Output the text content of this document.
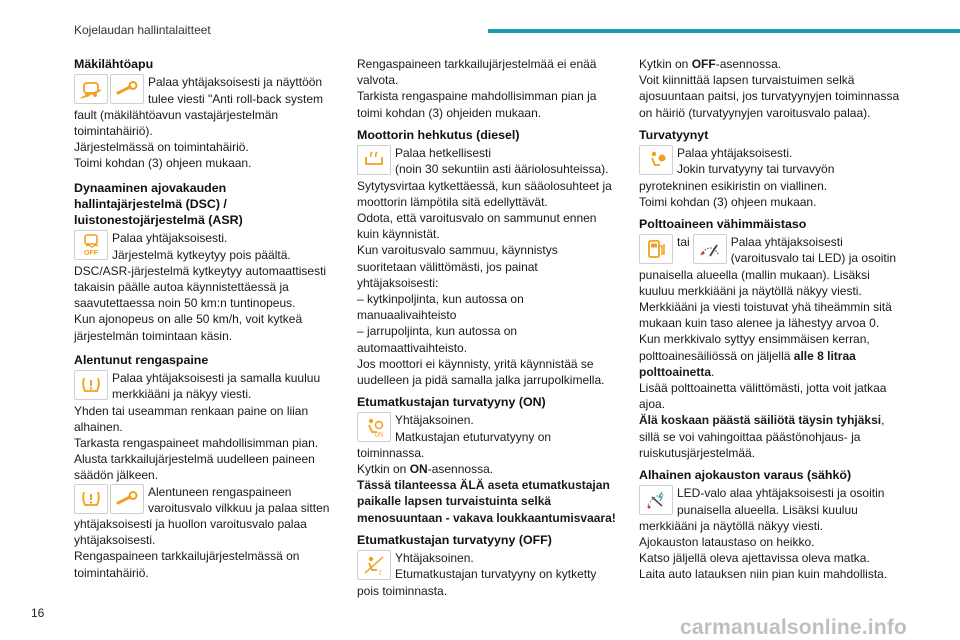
Kojelaudan hallintalaitteet
Mäkilähtöapu
Palaa yhtäjaksoisesti ja näyttöön
tulee viesti "Anti roll-back system
fault (mäkilähtöavun vastajärjestelmän
toimintahäiriö).
Järjestelmässä on toimintahäiriö.
Toimi kohdan (3) ohjeen mukaan.
Dynaaminen ajovakauden
hallintajärjestelmä (DSC) /
luistonestojärjestelmä (ASR)
OFF
Palaa yhtäjaksoisesti.
Järjestelmä kytkeytyy pois päältä.
DSC/ASR-järjestelmä kytkeytyy automaattisesti
takaisin päälle autoa käynnistettäessä ja
saavutettaessa noin 50 km:n tuntinopeus.
Kun ajonopeus on alle 50 km/h, voit kytkeä
järjestelmän toimintaan käsin.
Alentunut rengaspaine
Palaa yhtäjaksoisesti ja samalla kuuluu
merkkiääni ja näkyy viesti.
Yhden tai useamman renkaan paine on liian
alhainen.
Tarkasta rengaspaineet mahdollisimman pian.
Alusta tarkkailujärjestelmä uudelleen paineen
säädön jälkeen.
Alentuneen rengaspaineen
varoitusvalo vilkkuu ja palaa sitten
yhtäjaksoisesti ja huollon varoitusvalo palaa
yhtäjaksoisesti.
Rengaspaineen tarkkailujärjestelmässä on
toimintahäiriö.
Rengaspaineen tarkkailujärjestelmää ei enää
valvota.
Tarkista rengaspaine mahdollisimman pian ja
toimi kohdan (3) ohjeiden mukaan.
Moottorin hehkutus (diesel)
Palaa hetkellisesti
(noin 30 sekuntiin asti ääriolosuhteissa).
Sytytysvirtaa kytkettäessä, kun sääolosuhteet ja
moottorin lämpötila sitä edellyttävät.
Odota, että varoitusvalo on sammunut ennen
kuin käynnistät.
Kun varoitusvalo sammuu, käynnistys
suoritetaan välittömästi, jos painat
yhtäjaksoisesti:
– kytkinpoljinta, kun autossa on
manuaalivaihteisto
– jarrupoljinta, kun autossa on
automaattivaihteisto.
Jos moottori ei käynnisty, yritä käynnistää se
uudelleen ja pidä samalla jalka jarrupolkimella.
Etumatkustajan turvatyyny (ON)
ON
Yhtäjaksoinen.
Matkustajan etuturvatyyny on
toiminnassa.
Kytkin on ON-asennossa.
Tässä tilanteessa ÄLÄ aseta etumatkustajan
paikalle lapsen turvaistuinta selkä
menosuuntaan - vakava loukkaantumisvaara!
Etumatkustajan turvatyyny (OFF)
2
Yhtäjaksoinen.
Etumatkustajan turvatyyny on kytketty
pois toiminnasta.
Kytkin on OFF-asennossa.
Voit kiinnittää lapsen turvaistuimen selkä
ajosuuntaan paitsi, jos turvatyynyjen toiminnassa
on häiriö (turvatyynyjen varoitusvalo palaa).
Turvatyynyt
Palaa yhtäjaksoisesti.
Jokin turvatyyny tai turvavyön
pyrotekninen esikiristin on viallinen.
Toimi kohdan (3) ohjeen mukaan.
Polttoaineen vähimmäistaso
tai	Palaa yhtäjaksoisesti
(varoitusvalo tai LED) ja osoitin
punaisella alueella (mallin mukaan). Lisäksi
kuuluu merkkiääni ja näytöllä näkyy viesti.
Merkkiääni ja viesti toistuvat yhä tiheämmin sitä
mukaan kuin taso alenee ja lähestyy arvoa 0.
Kun merkkivalo syttyy ensimmäisen kerran,
polttoainesäiliössä on jäljellä alle 8 litraa
polttoainetta.
Lisää polttoainetta välittömästi, jotta voit jatkaa
ajoa.
Älä koskaan päästä säiliötä täysin tyhjäksi,
sillä se voi vahingoittaa päästönohjaus- ja
ruiskutusjärjestelmää.
Alhainen ajokauston varaus (sähkö)
LED-valo alaa yhtäjaksoisesti ja osoitin
punaisella alueella. Lisäksi kuuluu
merkkiääni ja näytöllä näkyy viesti.
Ajokauston lataustaso on heikko.
Katso jäljellä oleva ajettavissa oleva matka.
Laita auto latauksen niin pian kuin mahdollista.
16
carmanualsonline.info
